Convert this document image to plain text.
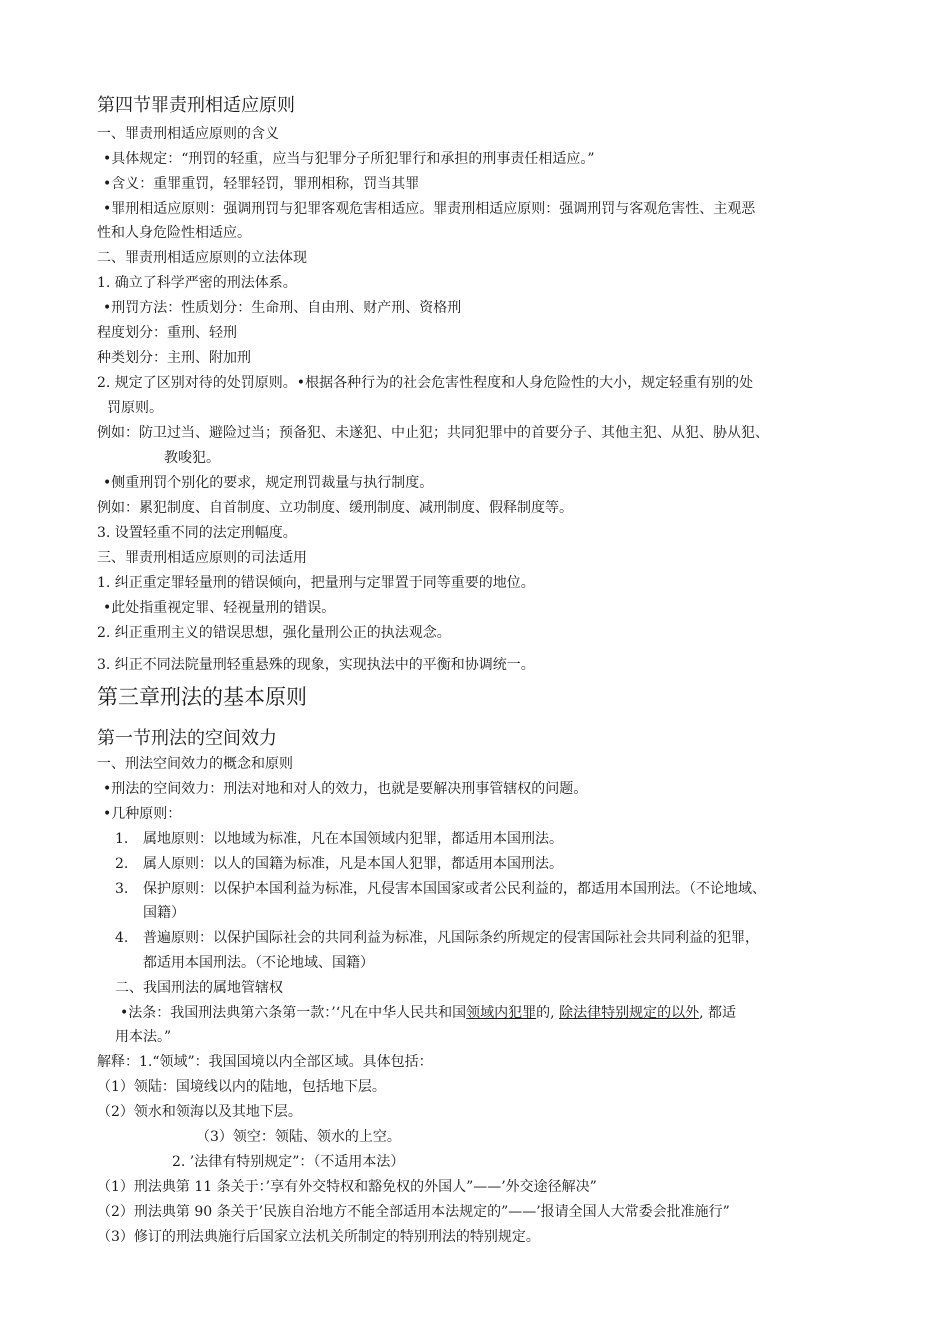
第四节罪责刑相适应原则
一、罪责刑相适应原则的含义
•具体规定：“刑罚的轻重，应当与犯罪分子所犯罪行和承担的刑事责任相适应。”
•含义：重罪重罚，轻罪轻罚，罪刑相称，罚当其罪
•罪刑相适应原则：强调刑罚与犯罪客观危害相适应。罪责刑相适应原则：强调刑罚与客观危害性、主观恶
性和人身危险性相适应。
二、罪责刑相适应原则的立法体现
1. 确立了科学严密的刑法体系。
•刑罚方法：性质划分：生命刑、自由刑、财产刑、资格刑
程度划分：重刑、轻刑
种类划分：主刑、附加刑
2. 规定了区别对待的处罚原则。•根据各种行为的社会危害性程度和人身危险性的大小，规定轻重有别的处
罚原则。
例如：防卫过当、避险过当；预备犯、未遂犯、中止犯；共同犯罪中的首要分子、其他主犯、从犯、胁从犯、
教唆犯。
•侧重刑罚个别化的要求，规定刑罚裁量与执行制度。
例如：累犯制度、自首制度、立功制度、缓刑制度、减刑制度、假释制度等。
3. 设置轻重不同的法定刑幅度。
三、罪责刑相适应原则的司法适用
1. 纠正重定罪轻量刑的错误倾向，把量刑与定罪置于同等重要的地位。
•此处指重视定罪、轻视量刑的错误。
2. 纠正重刑主义的错误思想，强化量刑公正的执法观念。
3. 纠正不同法院量刑轻重悬殊的现象，实现执法中的平衡和协调统一。
第三章刑法的基本原则
第一节刑法的空间效力
一、刑法空间效力的概念和原则
•刑法的空间效力：刑法对地和对人的效力，也就是要解决刑事管辖权的问题。
•几种原则：
1. 属地原则：以地域为标准，凡在本国领域内犯罪，都适用本国刑法。
2. 属人原则：以人的国籍为标准，凡是本国人犯罪，都适用本国刑法。
3. 保护原则：以保护本国利益为标准，凡侵害本国国家或者公民利益的，都适用本国刑法。（不论地域、
国籍）
4. 普遍原则：以保护国际社会的共同利益为标准，凡国际条约所规定的侵害国际社会共同利益的犯罪，
都适用本国刑法。（不论地域、国籍）
二、我国刑法的属地管辖权
•法条：我国刑法典第六条第一款：’‘凡在中华人民共和国领域内犯罪的, 除法律特别规定的以外, 都适
用本法。”
解释：1.“领域”：我国国境以内全部区域。具体包括：
（1）领陆：国境线以内的陆地，包括地下层。
（2）领水和领海以及其地下层。
（3）领空：领陆、领水的上空。
2. ’法律有特别规定”：（不适用本法）
（1）刑法典第 11 条关于：’享有外交特权和豁免权的外国人”——’外交途径解决”
（2）刑法典第 90 条关于’民族自治地方不能全部适用本法规定的”——’报请全国人大常委会批准施行”
（3）修订的刑法典施行后国家立法机关所制定的特别刑法的特别规定。
